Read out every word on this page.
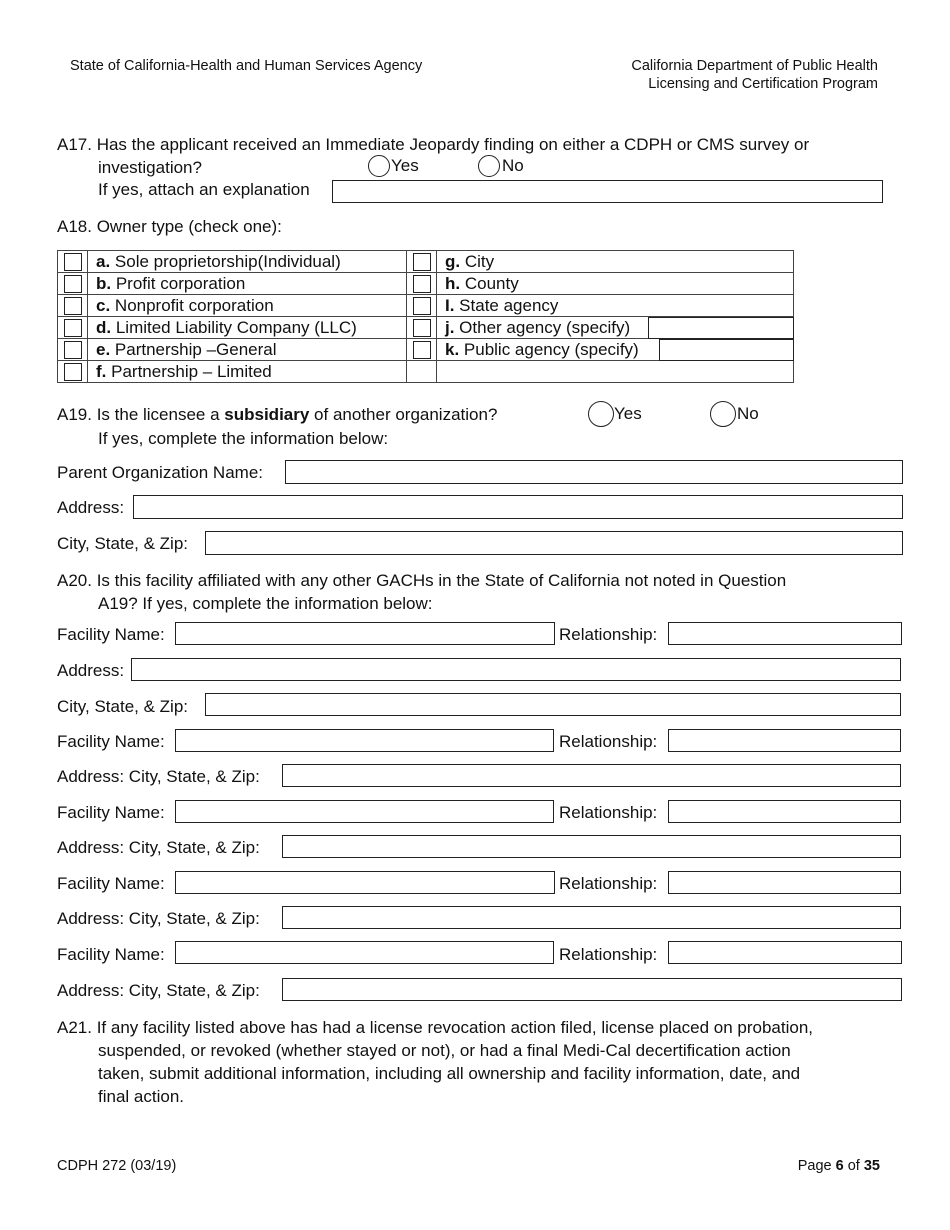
State of California-Health and Human Services Agency	California Department of Public Health
Licensing and Certification Program
A17. Has the applicant received an Immediate Jeopardy finding on either a CDPH or CMS survey or
investigation?	Yes	No
If yes, attach an explanation
A18. Owner type (check one):
	a. Sole proprietorship(Individual)		g. City
	b. Profit corporation		h. County
	c. Nonprofit corporation		I. State agency
	d. Limited Liability Company (LLC)		j. Other agency (specify)

	e. Partnership –General		k. Public agency (specify)

	f. Partnership – Limited		
A19. Is the licensee a subsidiary of another organization?	Yes	No
If yes, complete the information below:
Parent Organization Name:
Address:
City, State, & Zip:
A20. Is this facility affiliated with any other GACHs in the State of California not noted in Question
A19? If yes, complete the information below:
Facility Name:	Relationship:
Address:
City, State, & Zip:
Facility Name:	Relationship:
Address: City, State, & Zip:
Facility Name:	Relationship:
Address: City, State, & Zip:
Facility Name:	Relationship:
Address: City, State, & Zip:
Facility Name:	Relationship:
Address: City, State, & Zip:
A21. If any facility listed above has had a license revocation action filed, license placed on probation,
suspended, or revoked (whether stayed or not), or had a final Medi-Cal decertification action
taken, submit additional information, including all ownership and facility information, date, and
final action.
CDPH 272 (03/19)	Page 6 of 35
